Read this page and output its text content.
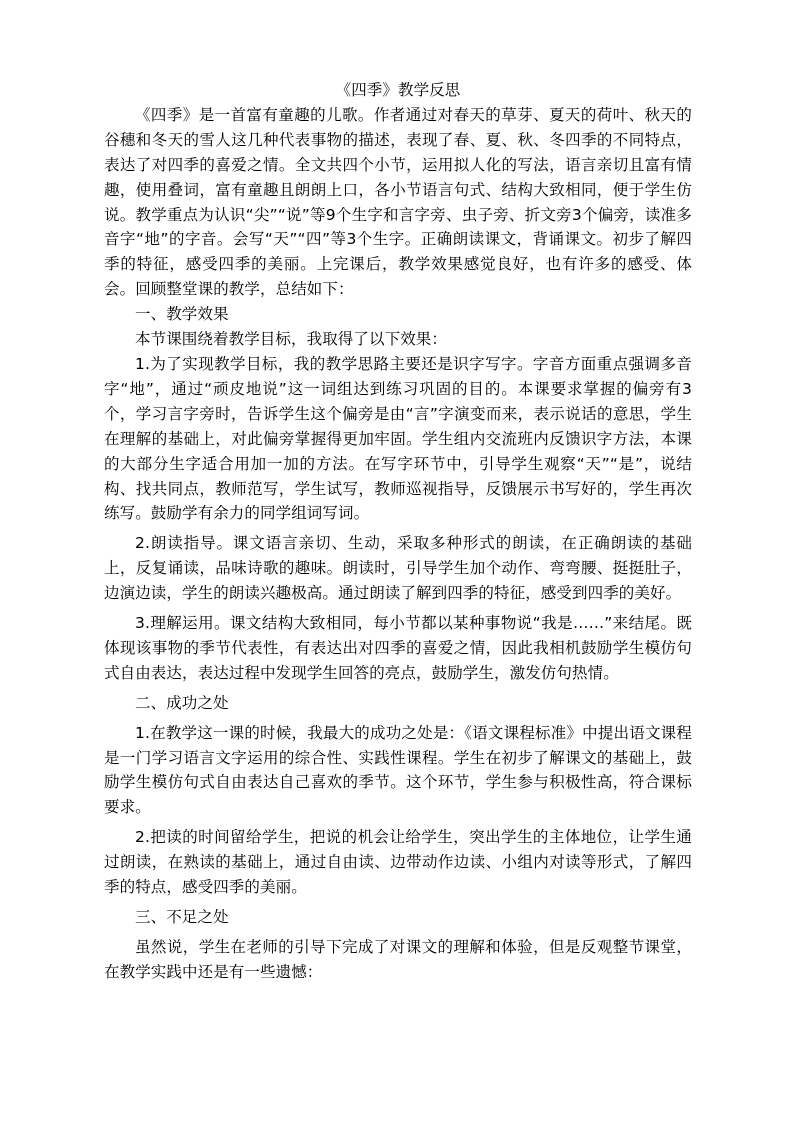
《四季》教学反思

《四季》是一首富有童趣的儿歌。作者通过对春天的草芽、夏天的荷叶、秋天的谷穗和冬天的雪人这几种代表事物的描述，表现了春、夏、秋、冬四季的不同特点，表达了对四季的喜爱之情。全文共四个小节，运用拟人化的写法，语言亲切且富有情趣，使用叠词，富有童趣且朗朗上口，各小节语言句式、结构大致相同，便于学生仿说。教学重点为认识“尖”“说”等9个生字和言字旁、虫子旁、折文旁3个偏旁，读准多音字“地”的字音。会写“天”“四”等3个生字。正确朗读课文，背诵课文。初步了解四季的特征，感受四季的美丽。上完课后，教学效果感觉良好，也有许多的感受、体会。回顾整堂课的教学，总结如下：

一、教学效果

本节课围绕着教学目标，我取得了以下效果：

1.为了实现教学目标，我的教学思路主要还是识字写字。字音方面重点强调多音字“地”，通过“顽皮地说”这一词组达到练习巩固的目的。本课要求掌握的偏旁有3个，学习言字旁时，告诉学生这个偏旁是由“言”字演变而来，表示说话的意思，学生在理解的基础上，对此偏旁掌握得更加牢固。学生组内交流班内反馈识字方法，本课的大部分生字适合用加一加的方法。在写字环节中，引导学生观察“天”“是”，说结构、找共同点，教师范写，学生试写，教师巡视指导，反馈展示书写好的，学生再次练写。鼓励学有余力的同学组词写词。

2.朗读指导。课文语言亲切、生动，采取多种形式的朗读，在正确朗读的基础上，反复诵读，品味诗歌的趣味。朗读时，引导学生加个动作、弯弯腰、挺挺肚子，边演边读，学生的朗读兴趣极高。通过朗读了解到四季的特征，感受到四季的美好。

3.理解运用。课文结构大致相同，每小节都以某种事物说“我是……”来结尾。既体现该事物的季节代表性，有表达出对四季的喜爱之情，因此我相机鼓励学生模仿句式自由表达，表达过程中发现学生回答的亮点，鼓励学生，激发仿句热情。

二、成功之处

1.在教学这一课的时候，我最大的成功之处是：《语文课程标准》中提出语文课程是一门学习语言文字运用的综合性、实践性课程。学生在初步了解课文的基础上，鼓励学生模仿句式自由表达自己喜欢的季节。这个环节，学生参与积极性高，符合课标要求。

2.把读的时间留给学生，把说的机会让给学生，突出学生的主体地位，让学生通过朗读，在熟读的基础上，通过自由读、边带动作边读、小组内对读等形式，了解四季的特点，感受四季的美丽。

三、不足之处

虽然说，学生在老师的引导下完成了对课文的理解和体验，但是反观整节课堂，在教学实践中还是有一些遗憾：
